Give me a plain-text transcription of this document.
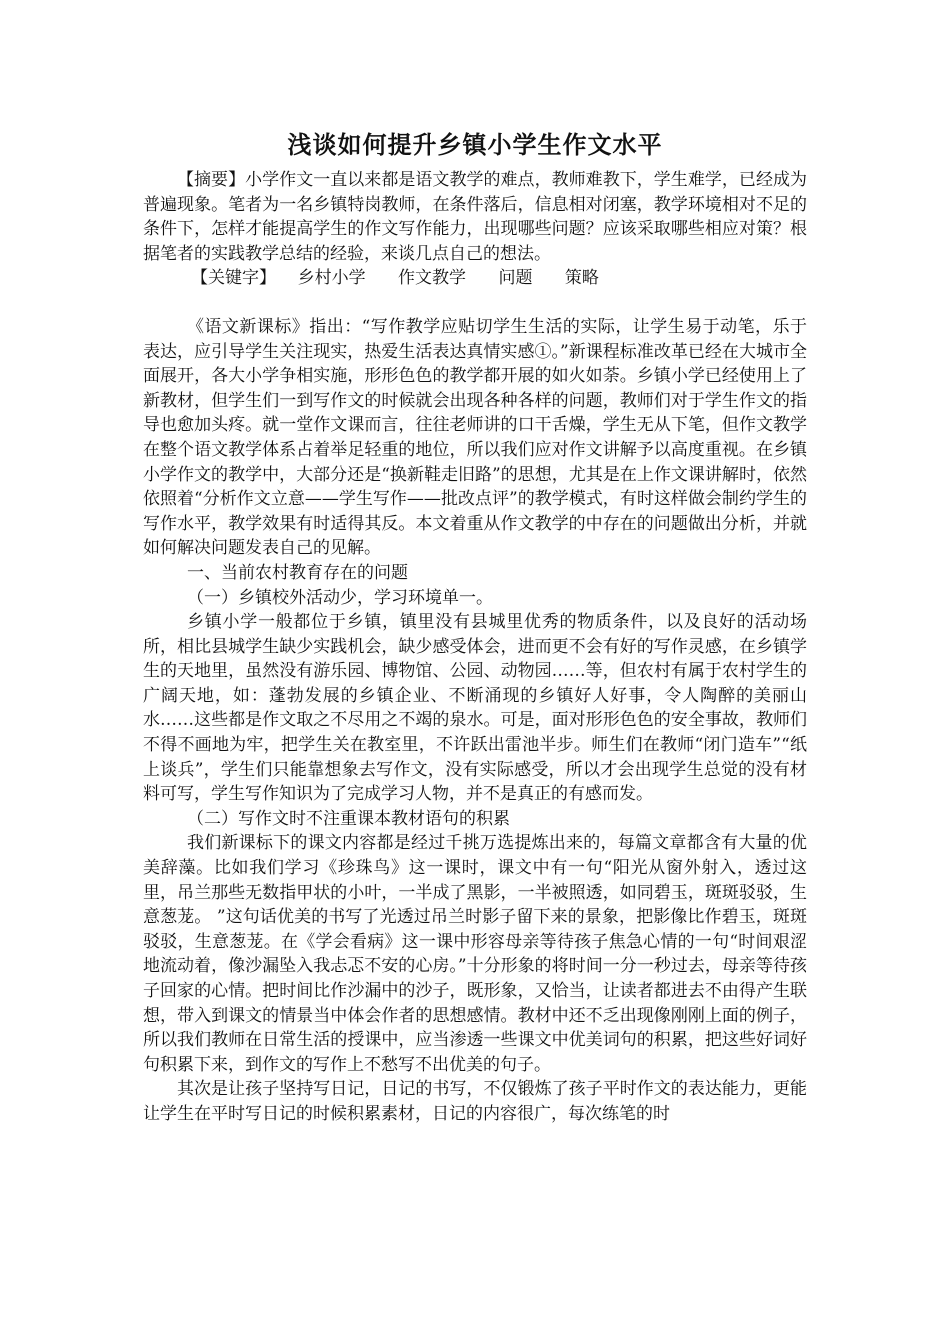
浅谈如何提升乡镇小学生作文水平

【摘要】小学作文一直以来都是语文教学的难点，教师难教下，学生难学，已经成为普遍现象。笔者为一名乡镇特岗教师，在条件落后，信息相对闭塞，教学环境相对不足的条件下，怎样才能提高学生的作文写作能力，出现哪些问题？应该采取哪些相应对策？根据笔者的实践教学总结的经验，来谈几点自己的想法。

【关键字】    乡村小学      作文教学      问题      策略

《语文新课标》指出：“写作教学应贴切学生生活的实际，让学生易于动笔，乐于表达，应引导学生关注现实，热爱生活表达真情实感①。”新课程标准改革已经在大城市全面展开，各大小学争相实施，形形色色的教学都开展的如火如荼。乡镇小学已经使用上了新教材，但学生们一到写作文的时候就会出现各种各样的问题，教师们对于学生作文的指导也愈加头疼。就一堂作文课而言，往往老师讲的口干舌燥，学生无从下笔，但作文教学在整个语文教学体系占着举足轻重的地位，所以我们应对作文讲解予以高度重视。在乡镇小学作文的教学中，大部分还是“换新鞋走旧路”的思想，尤其是在上作文课讲解时，依然依照着“分析作文立意——学生写作——批改点评”的教学模式，有时这样做会制约学生的写作水平，教学效果有时适得其反。本文着重从作文教学的中存在的问题做出分析，并就如何解决问题发表自己的见解。

一、当前农村教育存在的问题

（一）乡镇校外活动少，学习环境单一。

乡镇小学一般都位于乡镇，镇里没有县城里优秀的物质条件，以及良好的活动场所，相比县城学生缺少实践机会，缺少感受体会，进而更不会有好的写作灵感，在乡镇学生的天地里，虽然没有游乐园、博物馆、公园、动物园……等，但农村有属于农村学生的广阔天地，如：蓬勃发展的乡镇企业、不断涌现的乡镇好人好事，令人陶醉的美丽山水……这些都是作文取之不尽用之不竭的泉水。可是，面对形形色色的安全事故，教师们不得不画地为牢，把学生关在教室里，不许跃出雷池半步。师生们在教师“闭门造车”“纸上谈兵”，学生们只能靠想象去写作文，没有实际感受，所以才会出现学生总觉的没有材料可写，学生写作知识为了完成学习人物，并不是真正的有感而发。

（二）写作文时不注重课本教材语句的积累

我们新课标下的课文内容都是经过千挑万选提炼出来的，每篇文章都含有大量的优美辞藻。比如我们学习《珍珠鸟》这一课时，课文中有一句“阳光从窗外射入，透过这里，吊兰那些无数指甲状的小叶，一半成了黑影，一半被照透，如同碧玉，斑斑驳驳，生意葱茏。 ”这句话优美的书写了光透过吊兰时影子留下来的景象，把影像比作碧玉，斑斑驳驳，生意葱茏。在《学会看病》这一课中形容母亲等待孩子焦急心情的一句“时间艰涩地流动着，像沙漏坠入我忐忑不安的心房。”十分形象的将时间一分一秒过去，母亲等待孩子回家的心情。把时间比作沙漏中的沙子，既形象，又恰当，让读者都进去不由得产生联想，带入到课文的情景当中体会作者的思想感情。教材中还不乏出现像刚刚上面的例子，所以我们教师在日常生活的授课中，应当渗透一些课文中优美词句的积累，把这些好词好句积累下来，到作文的写作上不愁写不出优美的句子。

其次是让孩子坚持写日记，日记的书写，不仅锻炼了孩子平时作文的表达能力，更能让学生在平时写日记的时候积累素材，日记的内容很广，每次练笔的时
